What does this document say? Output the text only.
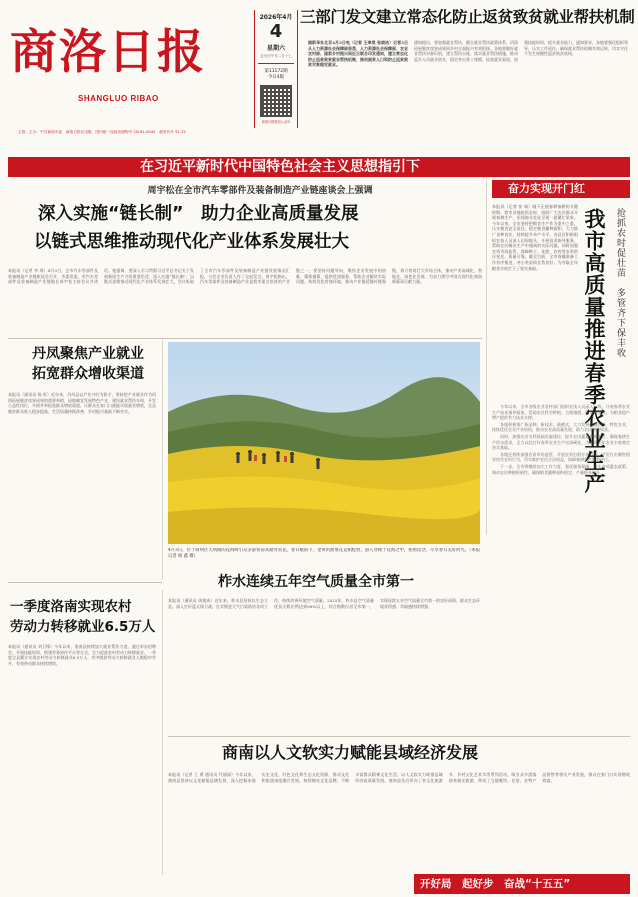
商洛日报
SHANGLUO RIBAO
主管、主办：中共商洛市委　商洛日报社出版　国内统一连续出版物号 CN 61-0045　邮发代号 51-32
2026年4月
4
星期六
农历丙午年二月十七
第11172期
今日4版
商洛日报微信公众号
三部门发文建立常态化防止返贫致贫就业帮扶机制
据新华社北京4月3日电（记者 王聿昊 张晓洁）记者3日从人力资源社会保障部获悉，人力资源社会保障部、农业农村部、国家乡村振兴局近日联合印发通知，建立常态化防止返贫致贫就业帮扶机制，推动脱贫人口和防止返贫致贫对象稳定就业。
通知提出，要加强就业帮扶，健全就业帮扶政策体系，巩固拓展脱贫攻坚成果同乡村全面振兴有效衔接。各地要做好就业帮扶对象识别，建立帮扶台账，落实就业帮扶措施，推动返乡人员就业创业，稳定外出务工规模，拓宽就业渠道，加强技能培训，提升就业能力。通知要求，各地要强化组织领导，压实工作责任，确保就业帮扶机制有效运转，切实守住不发生规模性返贫致贫底线。
在习近平新时代中国特色社会主义思想指引下
周宇松在全市汽车零部件及装备制造产业链座谈会上强调
深入实施“链长制”　助力企业高质量发展
以链式思维推动现代化产业体系发展壮大
本报讯（记者 李 琼）4月3日，全市汽车零部件及装备制造产业链座谈会召开，市委常委、市汽车零部件及装备制造产业链链长周宇松主持会议并讲话。他强调，要深入学习贯彻习近平总书记关于发展新质生产力的重要论述，深入实施“链长制”，以链式思维推动现代化产业体系发展壮大。会议听取了全市汽车零部件及装备制造产业链发展情况汇报，与会企业负责人作了交流发言。周宇松指出，汽车零部件及装备制造产业是我市重点培育的产业链之一，要坚持问题导向，聚焦企业发展中的困难，精准施策，提供优质服务，帮助企业解决实际问题，持续优化营商环境，推动产业链延链补链强链，着力培育壮大市场主体，推动产业高端化、智能化、绿色化发展，为奋力谱写中国式现代化商洛新篇章贡献力量。
奋力实现开门红
本报讯（记者 张 瑞）眼下正值春耕备耕的关键时期，我市各地抢抓农时，组织广大农民群众开展春耕生产，田间地头处处呈现一派繁忙景象。今年以来，全市坚持把粮食生产作为重中之重，压实粮食安全责任，稳定粮食播种面积，大力推广良种良法，持续提升单产水平。各县区积极组织农技人员深入田间地头，开展技术指导服务，帮助农民解决生产中遇到的实际问题。同时加强农资市场监管，保障种子、化肥、农药等农资供应充足、质量可靠。截至目前，全市春播准备工作有序推进，冬小麦苗情长势良好，为夺取全年粮食丰收打下了坚实基础。	我市高质量推进春季农业生产 抢抓农时促壮苗　多管齐下保丰收

今年以来，全市各级农业农村部门组织农技人员深入一线，开展春季农业生产技术指导服务，帮助农民科学种植、合理施肥、防治病虫害，为粮食稳产增产提供有力技术支撑。

各地积极推广新品种、新技术、新模式，大力发展设施农业、特色农业，持续优化农业产业结构，推动农业高质量发展，助力农民增收致富。

同时，加强农田水利基础设施建设，提升农田灌溉保障能力，确保春耕生产用水需求，全力以赴打好春季农业生产这场硬仗，为实现全年农业丰收奠定坚实基础。

各地还持续加强农资市场监管，开展农资打假专项行动，严厉打击制售假冒伪劣农资行为，切实维护农民合法权益，保障春耕生产顺利进行。

下一步，全市将继续加大工作力度，强化服务保障，落实各项惠农政策，调动农民种粮积极性，确保粮食播种面积稳定、产量稳步提升。

丹凤聚焦产业就业
拓宽群众增收渠道
本报讯（通讯员 陈 彤）近年来，丹凤县以产业兴旺为抓手，坚持把产业就业作为巩固拓展脱贫攻坚成果的重要举措，因地制宜发展特色产业，建设就业帮扶车间，开发公益性岗位，多措并举拓宽群众增收渠道，让群众在家门口就能实现就业增收，全县脱贫群众收入稳步提高，生活质量持续改善，乡村振兴基础不断夯实。
4月3日，位于商州区大荆镇的花海吸引众多游客前来踏青赏花。春日暖阳下，金黄的油菜花竞相绽放，游人穿梭于花海之中，拍照留念，尽享春日美好时光。（本报记者 杨 鑫 摄）
柞水连续五年空气质量全市第一
本报讯（通讯员 周建成）近年来，柞水县坚持以生态立县，深入打好蓝天保卫战，扎实推进大气污染防治各项工作，持续改善环境空气质量。2025年，柞水县空气质量优良天数比例达到98%以上，综合指数位居全市第一，实现连续五年空气质量全市第一的良好成绩，群众生态环境获得感、幸福感持续增强。
一季度洛南实现农村
劳动力转移就业6.5万人
本报讯（通讯员 刘卫锋）今年以来，洛南县持续加大就业帮扶力度，通过举办招聘会、开展技能培训、搭建劳务协作平台等方式，全力促进农村劳动力转移就业。一季度全县累计实现农村劳动力转移就业6.5万人，其中脱贫劳动力转移就业人数稳中有升，有效带动群众持续增收。
商南以人文软实力赋能县域经济发展
本报讯（记者 王 勇 通讯员 代丽丽）今年以来，商南县坚持以文化赋能县域发展，深入挖掘本地历史文化、红色文化和生态文化资源，推动文化和旅游深度融合发展，持续擦亮文化品牌，不断丰富群众精神文化生活，以人文软实力助推县域经济高质量发展。商南县先后举办了茶文化旅游节、乡村文化艺术节等系列活动，吸引众多游客前来观光旅游，带动了当地餐饮、住宿、农特产品销售等相关产业发展，群众在家门口实现增收致富。
开好局　起好步　奋战“十五五”
